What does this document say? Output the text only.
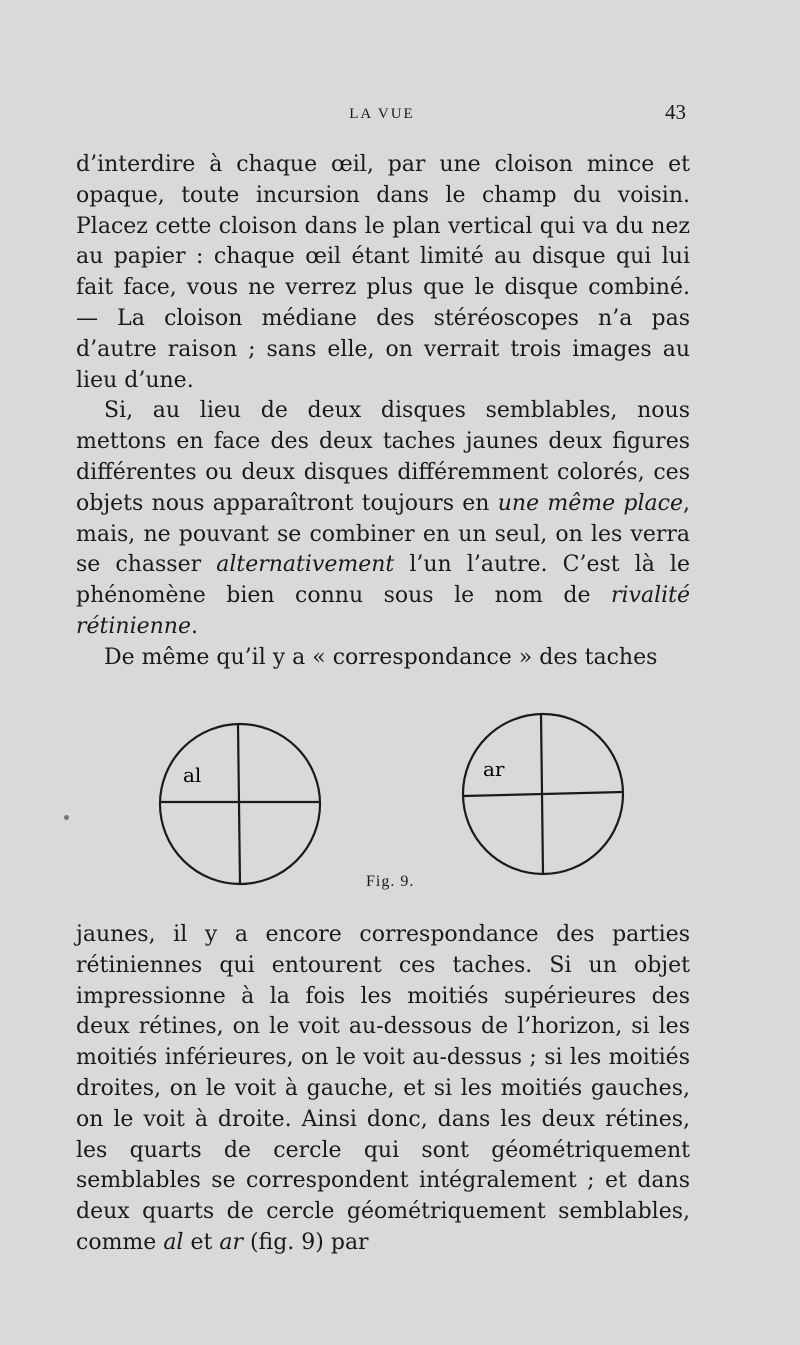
LA VUE	43

d’interdire à chaque œil, par une cloison mince et opaque, toute incursion dans le champ du voisin. Placez cette cloison dans le plan vertical qui va du nez au papier : chaque œil étant limité au disque qui lui fait face, vous ne verrez plus que le disque combiné. — La cloison médiane des stéréoscopes n’a pas d’autre raison ; sans elle, on verrait trois images au lieu d’une.

Si, au lieu de deux disques semblables, nous mettons en face des deux taches jaunes deux figures différentes ou deux disques différemment colorés, ces objets nous apparaîtront toujours en une même place, mais, ne pouvant se combiner en un seul, on les verra se chasser alternativement l’un l’autre. C’est là le phénomène bien connu sous le nom de rivalité rétinienne.

De même qu’il y a « correspondance » des taches

al	ar
Fig. 9.

jaunes, il y a encore correspondance des parties rétiniennes qui entourent ces taches. Si un objet impressionne à la fois les moitiés supérieures des deux rétines, on le voit au-dessous de l’horizon, si les moitiés inférieures, on le voit au-dessus ; si les moitiés droites, on le voit à gauche, et si les moitiés gauches, on le voit à droite. Ainsi donc, dans les deux rétines, les quarts de cercle qui sont géométriquement semblables se correspondent intégralement ; et dans deux quarts de cercle géométriquement semblables, comme al et ar (fig. 9) par
